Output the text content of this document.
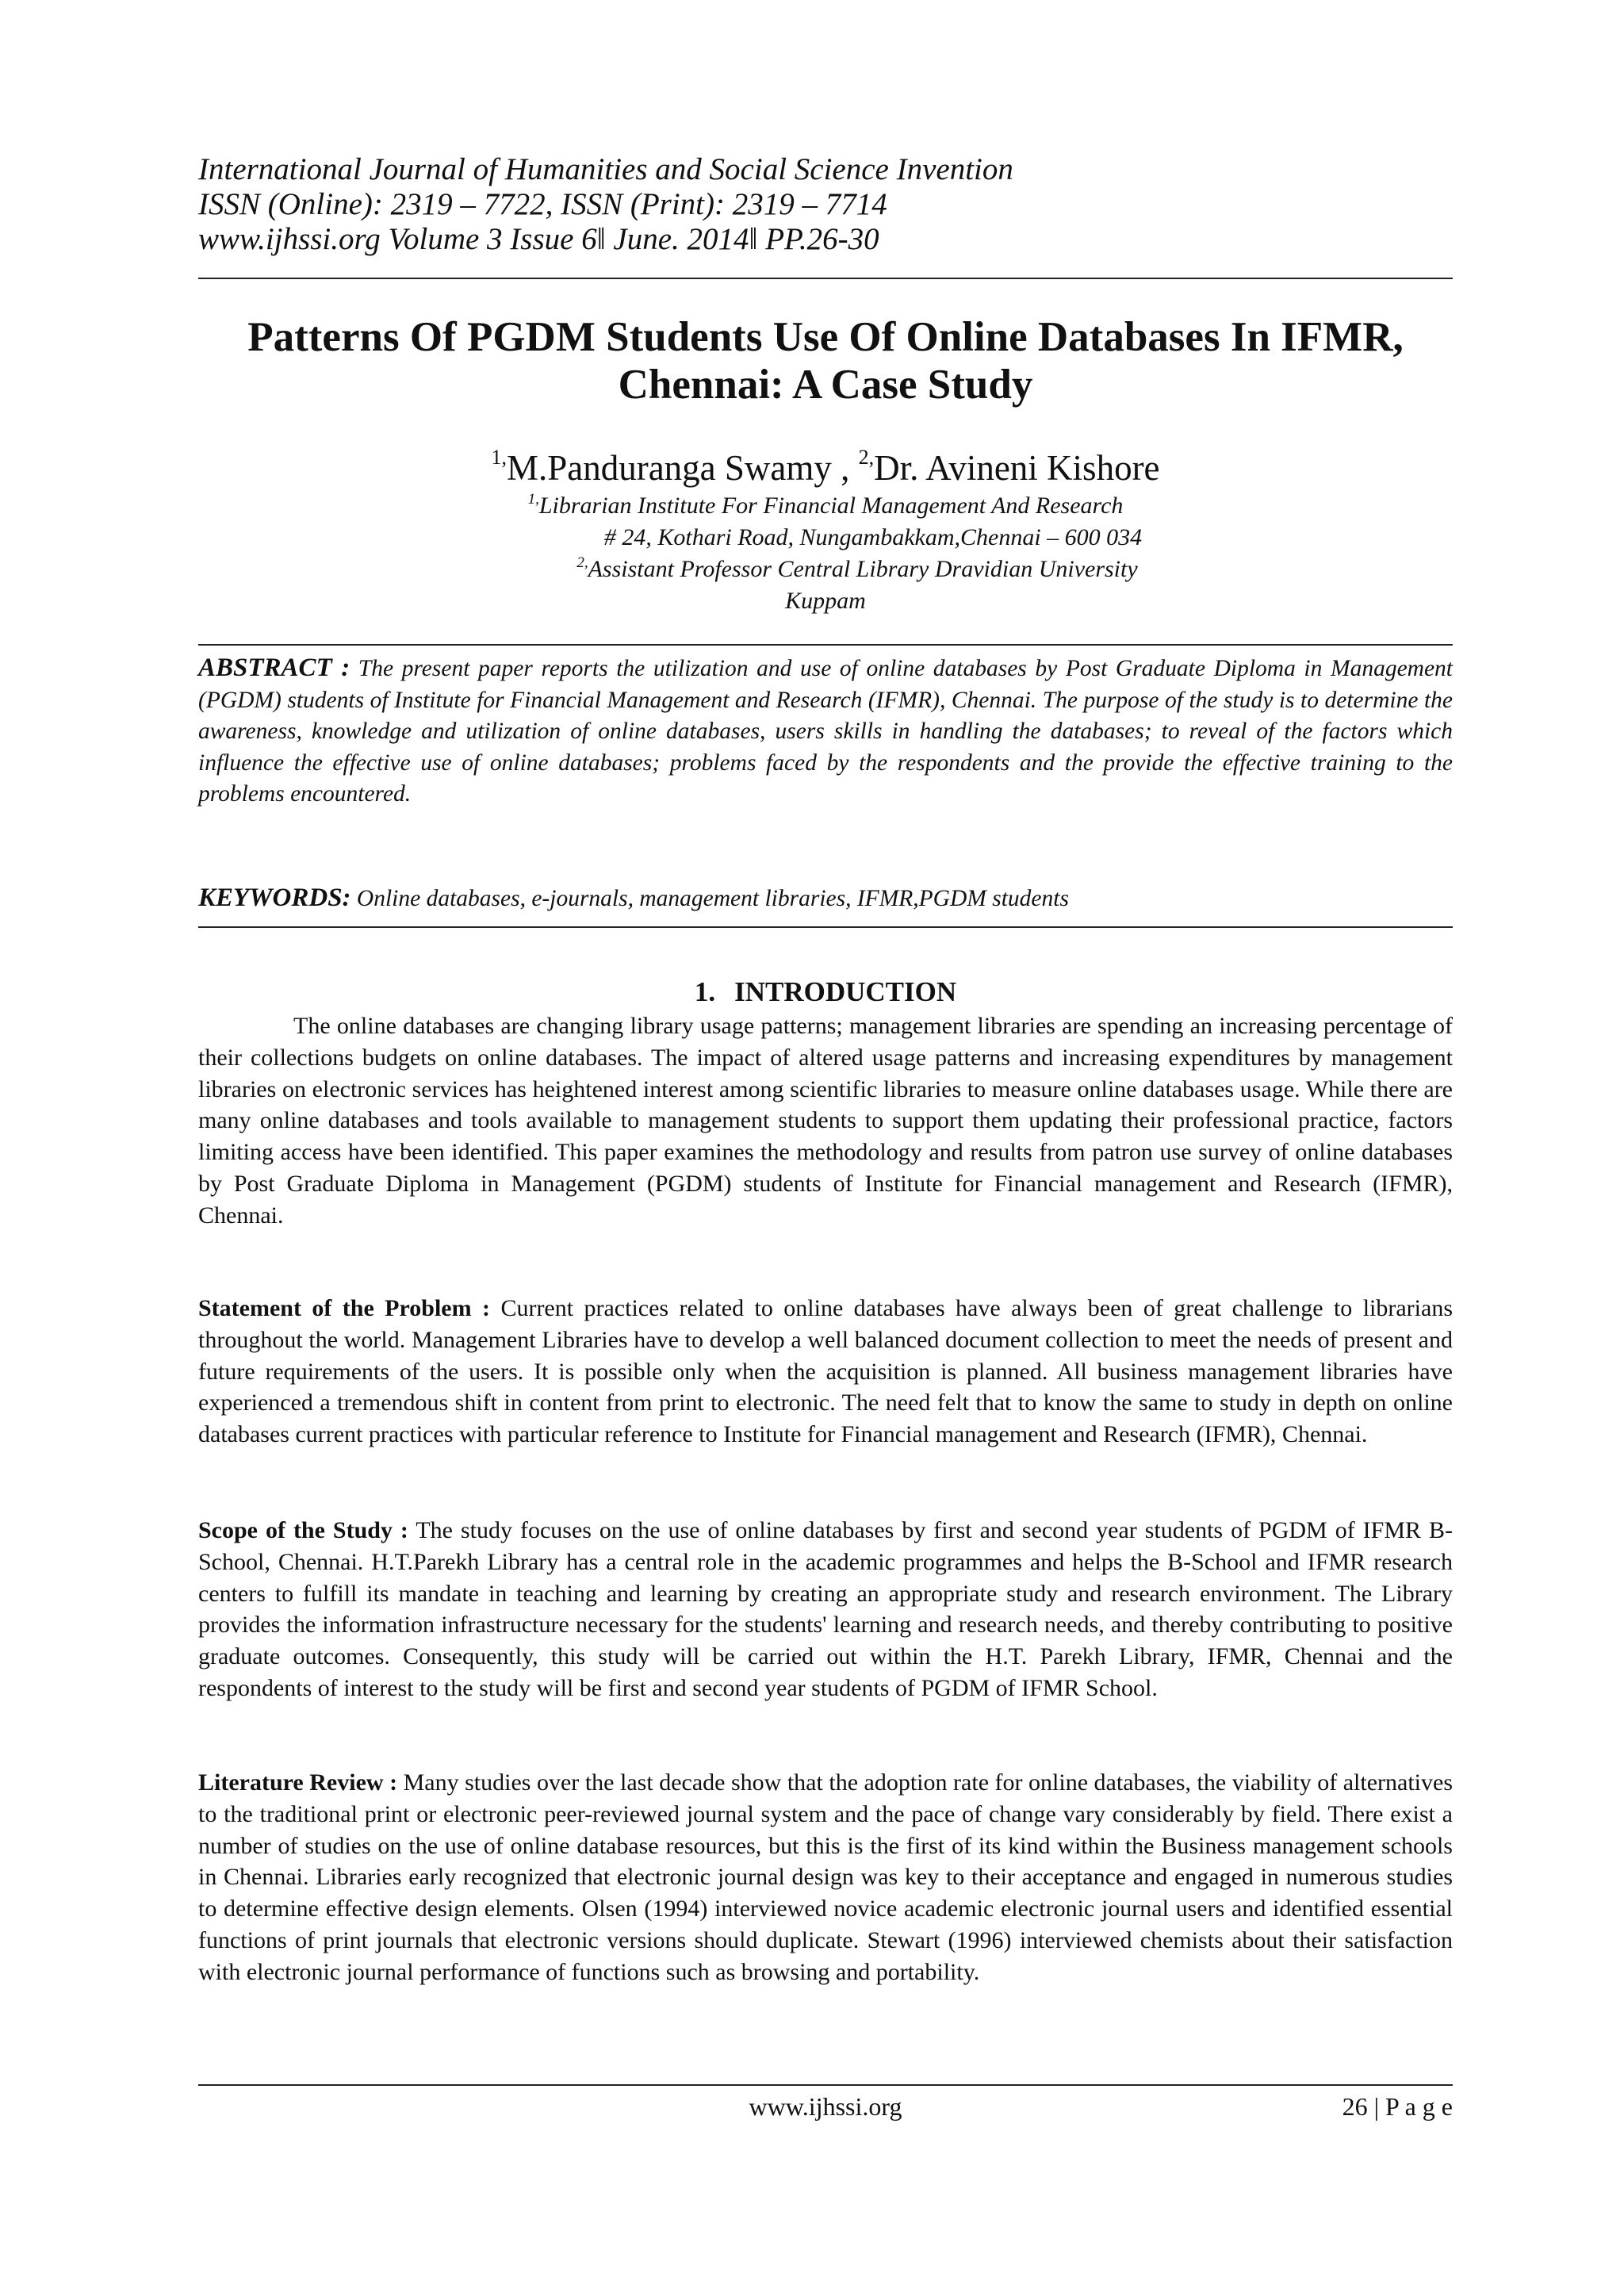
International Journal of Humanities and Social Science Invention
ISSN (Online): 2319 – 7722, ISSN (Print): 2319 – 7714
www.ijhssi.org Volume 3 Issue 6ǁ June. 2014ǁ PP.26-30
Patterns Of PGDM Students Use Of Online Databases In IFMR,
Chennai: A Case Study
$^{1,}$M.Panduranga Swamy , $^{2,}$Dr. Avineni Kishore
$^{1,}$Librarian Institute For Financial Management And Research
# 24, Kothari Road, Nungambakkam,Chennai – 600 034
$^{2,}$Assistant Professor Central Library Dravidian University
Kuppam
ABSTRACT : The present paper reports the utilization and use of online databases by Post Graduate Diploma in Management (PGDM) students of Institute for Financial Management and Research (IFMR), Chennai. The purpose of the study is to determine the awareness, knowledge and utilization of online databases, users skills in handling the databases; to reveal of the factors which influence the effective use of online databases; problems faced by the respondents and the provide the effective training to the problems encountered.
KEYWORDS: Online databases, e-journals, management libraries, IFMR,PGDM students
1. INTRODUCTION
The online databases are changing library usage patterns; management libraries are spending an increasing percentage of their collections budgets on online databases. The impact of altered usage patterns and increasing expenditures by management libraries on electronic services has heightened interest among scientific libraries to measure online databases usage. While there are many online databases and tools available to management students to support them updating their professional practice, factors limiting access have been identified. This paper examines the methodology and results from patron use survey of online databases by Post Graduate Diploma in Management (PGDM) students of Institute for Financial management and Research (IFMR), Chennai.
Statement of the Problem : Current practices related to online databases have always been of great challenge to librarians throughout the world. Management Libraries have to develop a well balanced document collection to meet the needs of present and future requirements of the users. It is possible only when the acquisition is planned. All business management libraries have experienced a tremendous shift in content from print to electronic. The need felt that to know the same to study in depth on online databases current practices with particular reference to Institute for Financial management and Research (IFMR), Chennai.
Scope of the Study : The study focuses on the use of online databases by first and second year students of PGDM of IFMR B-School, Chennai. H.T.Parekh Library has a central role in the academic programmes and helps the B-School and IFMR research centers to fulfill its mandate in teaching and learning by creating an appropriate study and research environment. The Library provides the information infrastructure necessary for the students' learning and research needs, and thereby contributing to positive graduate outcomes. Consequently, this study will be carried out within the H.T. Parekh Library, IFMR, Chennai and the respondents of interest to the study will be first and second year students of PGDM of IFMR School.
Literature Review : Many studies over the last decade show that the adoption rate for online databases, the viability of alternatives to the traditional print or electronic peer-reviewed journal system and the pace of change vary considerably by field. There exist a number of studies on the use of online database resources, but this is the first of its kind within the Business management schools in Chennai. Libraries early recognized that electronic journal design was key to their acceptance and engaged in numerous studies to determine effective design elements. Olsen (1994) interviewed novice academic electronic journal users and identified essential functions of print journals that electronic versions should duplicate. Stewart (1996) interviewed chemists about their satisfaction with electronic journal performance of functions such as browsing and portability.
www.ijhssi.org	26 | P a g e
